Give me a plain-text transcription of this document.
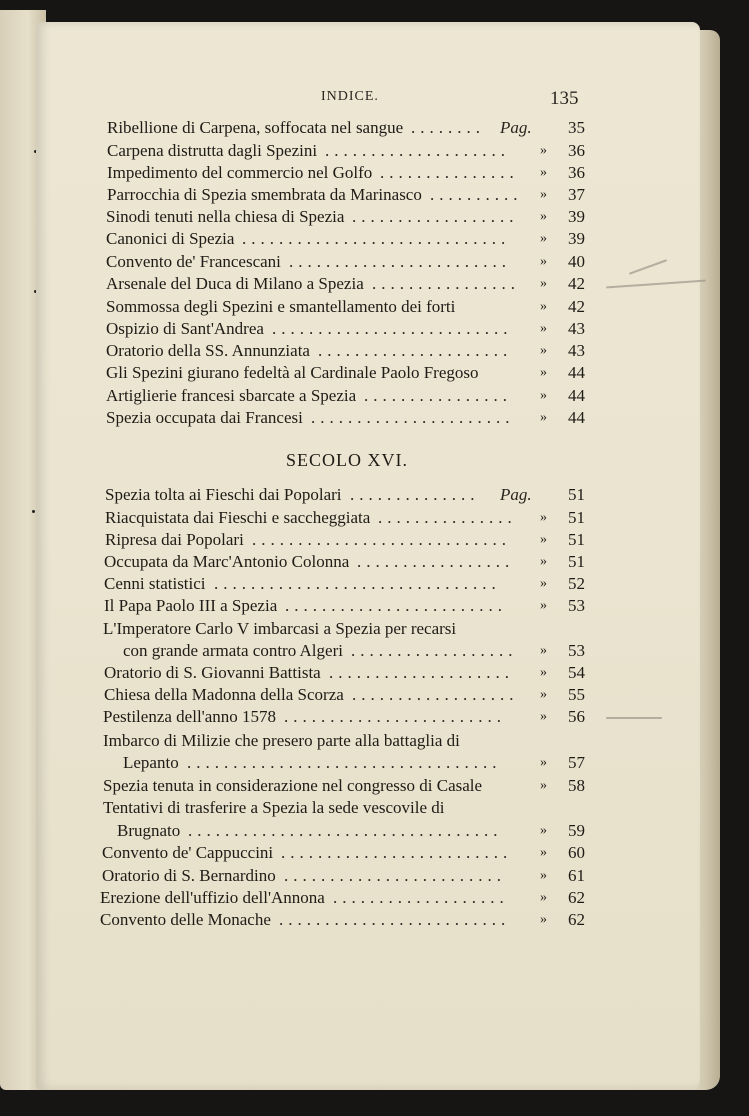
INDICE.	135
Ribellione di Carpena, soffocata nel sangue ........ Pag. 35
Carpena distrutta dagli Spezini .................... » 36
Impedimento del commercio nel Golfo ............... » 36
Parrocchia di Spezia smembrata da Marinasco .......... » 37
Sinodi tenuti nella chiesa di Spezia .................. » 39
Canonici di Spezia ............................. » 39
Convento de' Francescani ........................ » 40
Arsenale del Duca di Milano a Spezia ................ » 42
Sommossa degli Spezini e smantellamento dei forti	» 42
Ospizio di Sant'Andrea .......................... » 43
Oratorio della SS. Annunziata ..................... » 43
Gli Spezini giurano fedeltà al Cardinale Paolo Fregoso	» 44
Artiglierie francesi sbarcate a Spezia ................ » 44
Spezia occupata dai Francesi ...................... » 44
SECOLO XVI.
Spezia tolta ai Fieschi dai Popolari .............. Pag. 51
Riacquistata dai Fieschi e saccheggiata ............... » 51
Ripresa dai Popolari ............................ » 51
Occupata da Marc'Antonio Colonna ................. » 51
Cenni statistici ...............................	» 52
Il Papa Paolo III a Spezia ........................ » 53
L'Imperatore Carlo V imbarcasi a Spezia per recarsi
con grande armata contro Algeri .................. » 53
Oratorio di S. Giovanni Battista .................... » 54
Chiesa della Madonna della Scorza .................. » 55
Pestilenza dell'anno 1578 ........................ » 56
Imbarco di Milizie che presero parte alla battaglia di
Lepanto ..................................	» 57
Spezia tenuta in considerazione nel congresso di Casale	» 58
Tentativi di trasferire a Spezia la sede vescovile di
Brugnato ..................................	» 59
Convento de' Cappuccini ......................... » 60
Oratorio di S. Bernardino ........................ » 61
Erezione dell'uffizio dell'Annona ................... » 62
Convento delle Monache ......................... » 62
